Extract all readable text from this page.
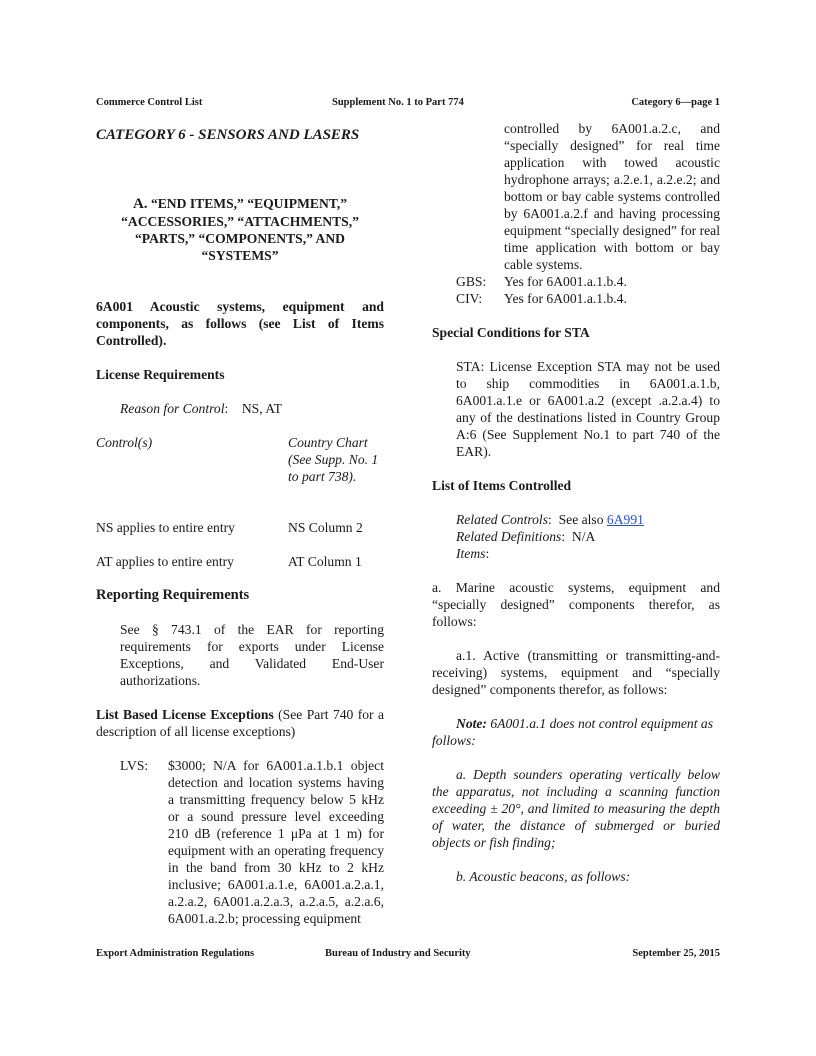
Commerce Control List	Supplement No. 1 to Part 774	Category 6—page 1

CATEGORY 6 - SENSORS AND LASERS

A. “END ITEMS,” “EQUIPMENT,” “ACCESSORIES,” “ATTACHMENTS,” “PARTS,” “COMPONENTS,” AND “SYSTEMS”

6A001 Acoustic systems, equipment and components, as follows (see List of Items Controlled).

License Requirements

Reason for Control:    NS, AT

Control(s)	Country Chart (See Supp. No. 1 to part 738).
NS applies to entire entry	NS Column 2
AT applies to entire entry	AT Column 1

Reporting Requirements

See § 743.1 of the EAR for reporting requirements for exports under License Exceptions, and Validated End-User authorizations.

List Based License Exceptions (See Part 740 for a description of all license exceptions)

LVS:	$3000; N/A for 6A001.a.1.b.1 object detection and location systems having a transmitting frequency below 5 kHz or a sound pressure level exceeding 210 dB (reference 1 μPa at 1 m) for equipment with an operating frequency in the band from 30 kHz to 2 kHz inclusive; 6A001.a.1.e, 6A001.a.2.a.1, a.2.a.2, 6A001.a.2.a.3, a.2.a.5, a.2.a.6, 6A001.a.2.b; processing equipment
controlled by 6A001.a.2.c, and “specially designed” for real time application with towed acoustic hydrophone arrays; a.2.e.1, a.2.e.2; and bottom or bay cable systems controlled by 6A001.a.2.f and having processing equipment “specially designed” for real time application with bottom or bay cable systems.
GBS:	Yes for 6A001.a.1.b.4.
CIV:	Yes for 6A001.a.1.b.4.

Special Conditions for STA

STA: License Exception STA may not be used to ship commodities in 6A001.a.1.b, 6A001.a.1.e or 6A001.a.2 (except .a.2.a.4) to any of the destinations listed in Country Group A:6 (See Supplement No.1 to part 740 of the EAR).

List of Items Controlled

Related Controls:  See also 6A991

Related Definitions:  N/A

Items:

a. Marine acoustic systems, equipment and “specially designed” components therefor, as follows:

a.1. Active (transmitting or transmitting-and-receiving) systems, equipment and “specially designed” components therefor, as follows:

Note: 6A001.a.1 does not control equipment as follows:

a. Depth sounders operating vertically below the apparatus, not including a scanning function exceeding ± 20°, and limited to measuring the depth of water, the distance of submerged or buried objects or fish finding;

b. Acoustic beacons, as follows:

Export Administration Regulations	Bureau of Industry and Security	September 25, 2015
